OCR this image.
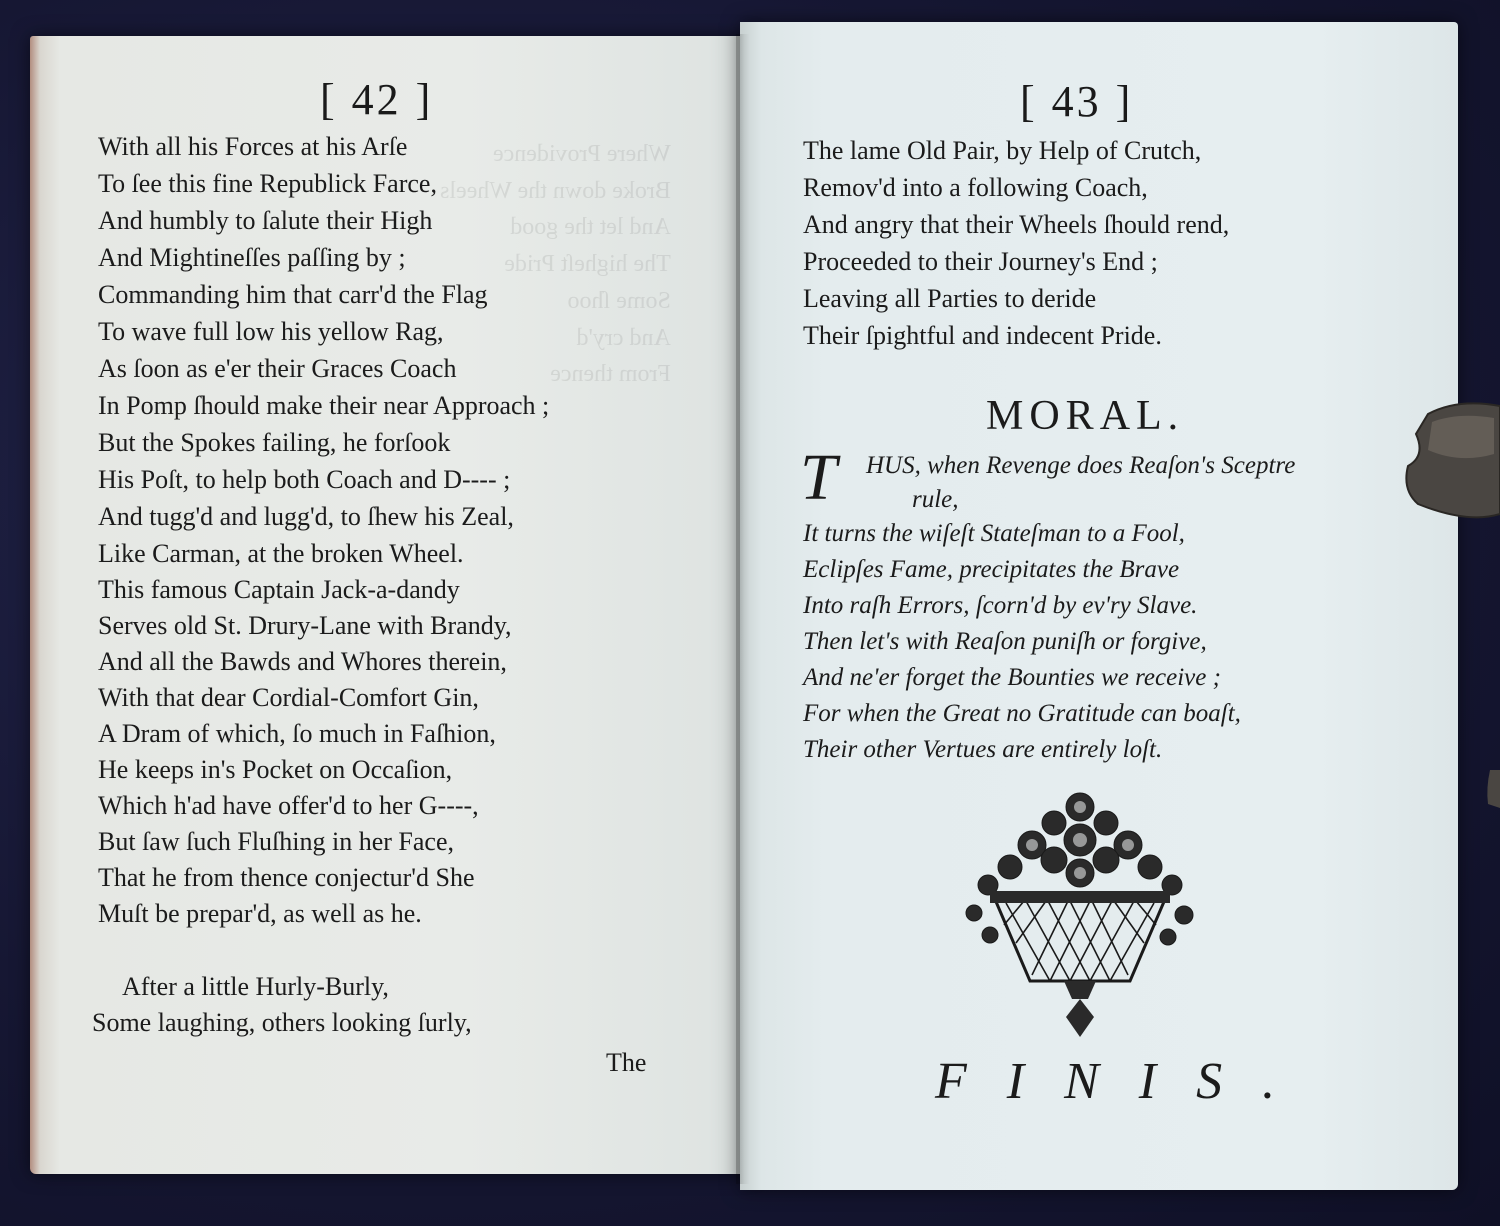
Where Providence
Broke down the Wheels
And let the good
The higheſt Pride
Some ſhoo
And cry'd
From thence
[ 42 ]
With all his Forces at his Arſe
To ſee this fine Republick Farce,
And humbly to ſalute their High
And Mightineſſes paſſing by ;
Commanding him that carr'd the Flag
To wave full low his yellow Rag,
As ſoon as e'er their Graces Coach
In Pomp ſhould make their near Approach ;
But the Spokes failing, he forſook
His Poſt, to help both Coach and D---- ;
And tugg'd and lugg'd, to ſhew his Zeal,
Like Carman, at the broken Wheel.
This famous Captain Jack-a-dandy
Serves old St. Drury-Lane with Brandy,
And all the Bawds and Whores therein,
With that dear Cordial-Comfort Gin,
A Dram of which, ſo much in Faſhion,
He keeps in's Pocket on Occaſion,
Which h'ad have offer'd to her G----,
But ſaw ſuch Fluſhing in her Face,
That he from thence conjectur'd She
Muſt be prepar'd, as well as he.
After a little Hurly-Burly,
Some laughing, others looking ſurly,
The
[ 43 ]
The lame Old Pair, by Help of Crutch,
Remov'd into a following Coach,
And angry that their Wheels ſhould rend,
Proceeded to their Journey's End ;
Leaving all Parties to deride
Their ſpightful and indecent Pride.
MORAL.
T HUS, when Revenge does Reaſon's Sceptre
rule,
It turns the wiſeſt Stateſman to a Fool,
Eclipſes Fame, precipitates the Brave
Into raſh Errors, ſcorn'd by ev'ry Slave.
Then let's with Reaſon puniſh or forgive,
And ne'er forget the Bounties we receive ;
For when the Great no Gratitude can boaſt,
Their other Vertues are entirely loſt.
FINIS.
